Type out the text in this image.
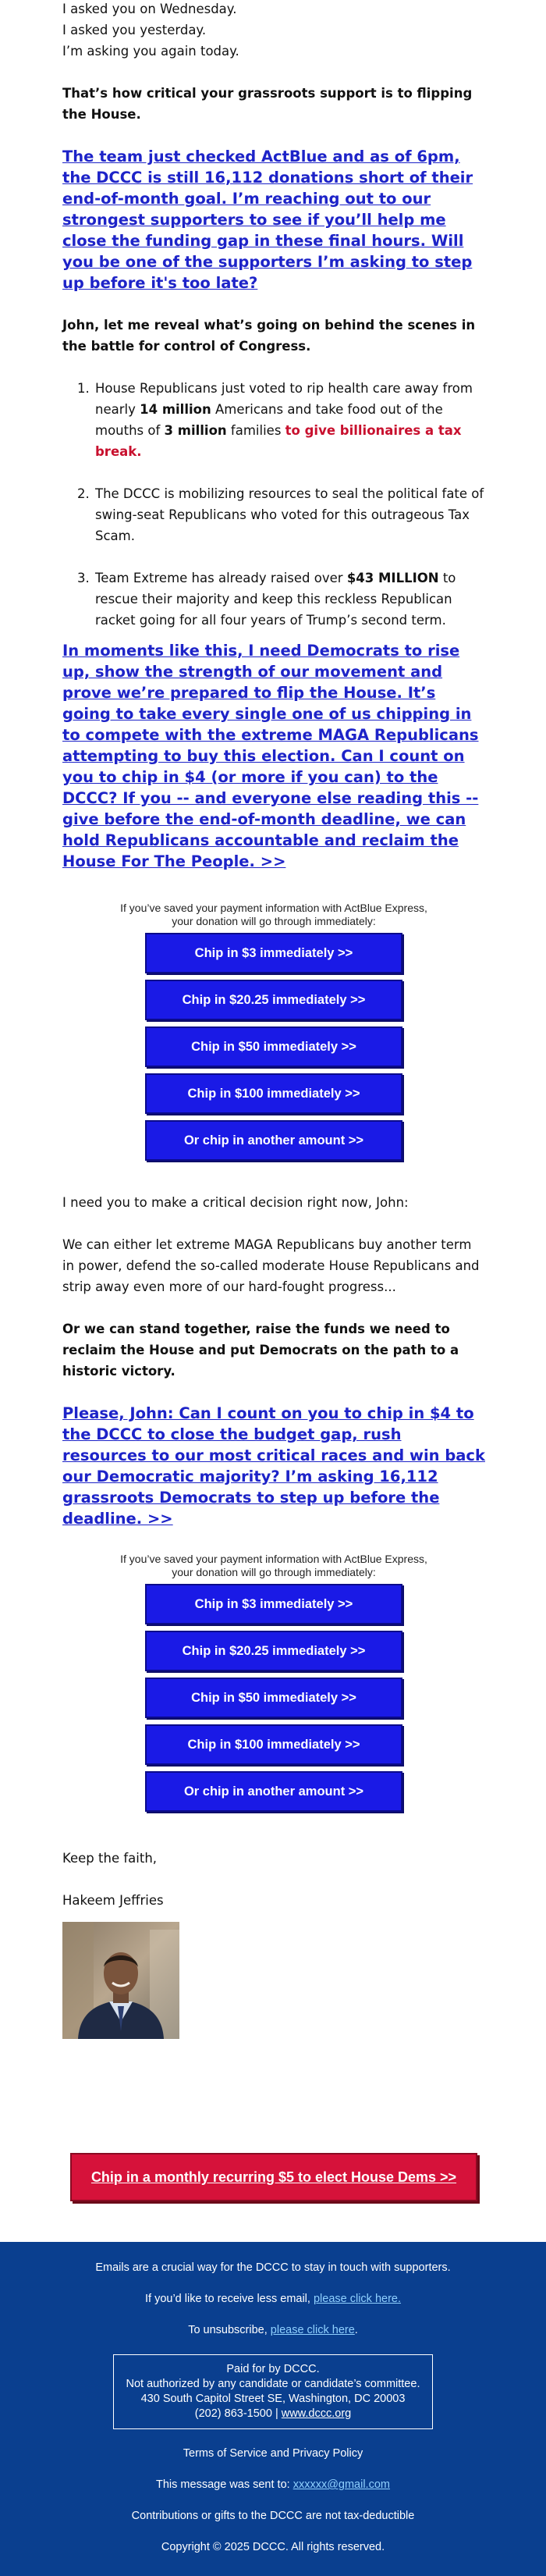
I asked you on Wednesday.
I asked you yesterday.
I’m asking you again today.
That’s how critical your grassroots support is to flipping the House.
The team just checked ActBlue and as of 6pm, the DCCC is still 16,112 donations short of their end-of-month goal. I’m reaching out to our strongest supporters to see if you’ll help me close the funding gap in these final hours. Will you be one of the supporters I’m asking to step up before it's too late?
John, let me reveal what’s going on behind the scenes in the battle for control of Congress.
1. House Republicans just voted to rip health care away from nearly 14 million Americans and take food out of the mouths of 3 million families to give billionaires a tax break.
2. The DCCC is mobilizing resources to seal the political fate of swing-seat Republicans who voted for this outrageous Tax Scam.
3. Team Extreme has already raised over $43 MILLION to rescue their majority and keep this reckless Republican racket going for all four years of Trump’s second term.
In moments like this, I need Democrats to rise up, show the strength of our movement and prove we’re prepared to flip the House. It’s going to take every single one of us chipping in to compete with the extreme MAGA Republicans attempting to buy this election. Can I count on you to chip in $4 (or more if you can) to the DCCC? If you -- and everyone else reading this -- give before the end-of-month deadline, we can hold Republicans accountable and reclaim the House For The People. >>
If you’ve saved your payment information with ActBlue Express,
your donation will go through immediately:
Chip in $3 immediately >>
Chip in $20.25 immediately >>
Chip in $50 immediately >>
Chip in $100 immediately >>
Or chip in another amount >>
I need you to make a critical decision right now, John:
We can either let extreme MAGA Republicans buy another term in power, defend the so-called moderate House Republicans and strip away even more of our hard-fought progress...
Or we can stand together, raise the funds we need to reclaim the House and put Democrats on the path to a historic victory.
Please, John: Can I count on you to chip in $4 to the DCCC to close the budget gap, rush resources to our most critical races and win back our Democratic majority? I’m asking 16,112 grassroots Democrats to step up before the deadline. >>
If you’ve saved your payment information with ActBlue Express,
your donation will go through immediately:
Chip in $3 immediately >>
Chip in $20.25 immediately >>
Chip in $50 immediately >>
Chip in $100 immediately >>
Or chip in another amount >>
Keep the faith,
Hakeem Jeffries
Chip in a monthly recurring $5 to elect House Dems >>
Emails are a crucial way for the DCCC to stay in touch with supporters.
If you’d like to receive less email, please click here.
To unsubscribe, please click here.
Paid for by DCCC.
Not authorized by any candidate or candidate’s committee.
430 South Capitol Street SE, Washington, DC 20003
(202) 863-1500 | www.dccc.org
Terms of Service and Privacy Policy
This message was sent to: xxxxxx@gmail.com
Contributions or gifts to the DCCC are not tax-deductible
Copyright © 2025 DCCC. All rights reserved.
